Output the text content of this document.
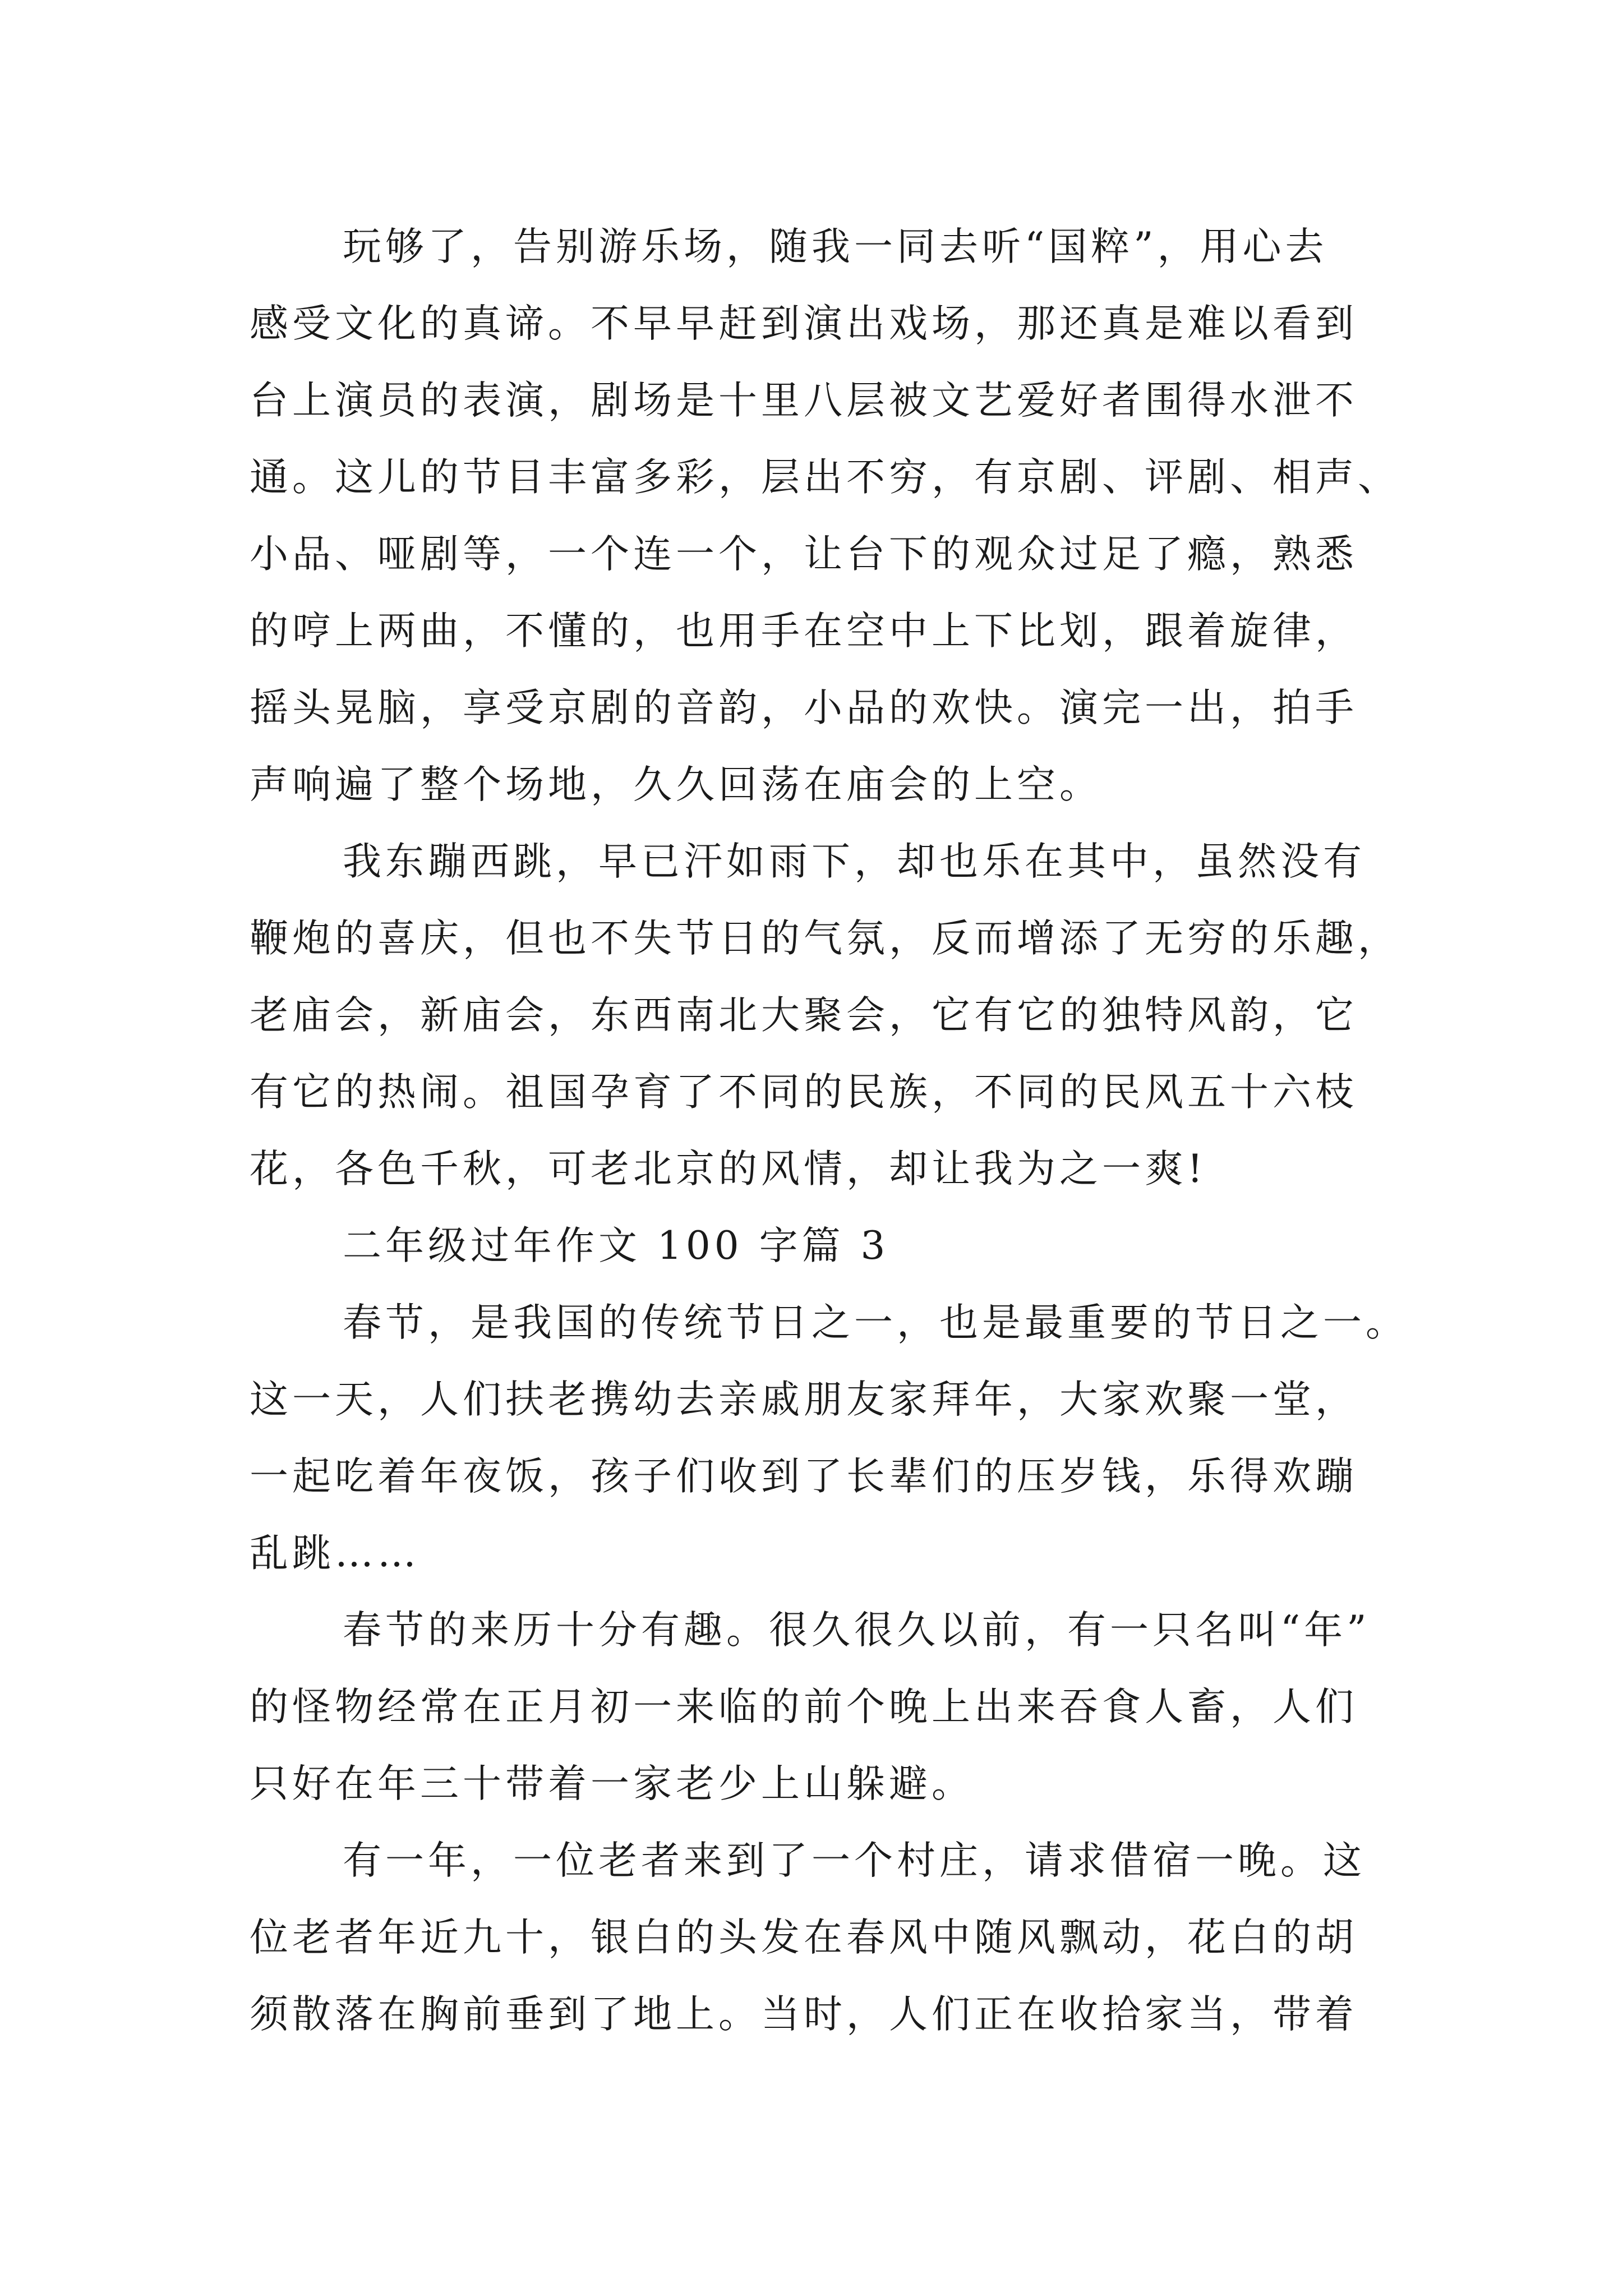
玩够了，告别游乐场，随我一同去听“国粹”，用心去
感受文化的真谛。不早早赶到演出戏场，那还真是难以看到
台上演员的表演，剧场是十里八层被文艺爱好者围得水泄不
通。这儿的节目丰富多彩，层出不穷，有京剧、评剧、相声、
小品、哑剧等，一个连一个，让台下的观众过足了瘾，熟悉
的哼上两曲，不懂的，也用手在空中上下比划，跟着旋律，
摇头晃脑，享受京剧的音韵，小品的欢快。演完一出，拍手
声响遍了整个场地，久久回荡在庙会的上空。
我东蹦西跳，早已汗如雨下，却也乐在其中，虽然没有
鞭炮的喜庆，但也不失节日的气氛，反而增添了无穷的乐趣，
老庙会，新庙会，东西南北大聚会，它有它的独特风韵，它
有它的热闹。祖国孕育了不同的民族，不同的民风五十六枝
花，各色千秋，可老北京的风情，却让我为之一爽!
二年级过年作文 100 字篇 3
春节，是我国的传统节日之一，也是最重要的节日之一。
这一天，人们扶老携幼去亲戚朋友家拜年，大家欢聚一堂，
一起吃着年夜饭，孩子们收到了长辈们的压岁钱，乐得欢蹦
乱跳……
春节的来历十分有趣。很久很久以前，有一只名叫“年”
的怪物经常在正月初一来临的前个晚上出来吞食人畜，人们
只好在年三十带着一家老少上山躲避。
有一年，一位老者来到了一个村庄，请求借宿一晚。这
位老者年近九十，银白的头发在春风中随风飘动，花白的胡
须散落在胸前垂到了地上。当时，人们正在收拾家当，带着
